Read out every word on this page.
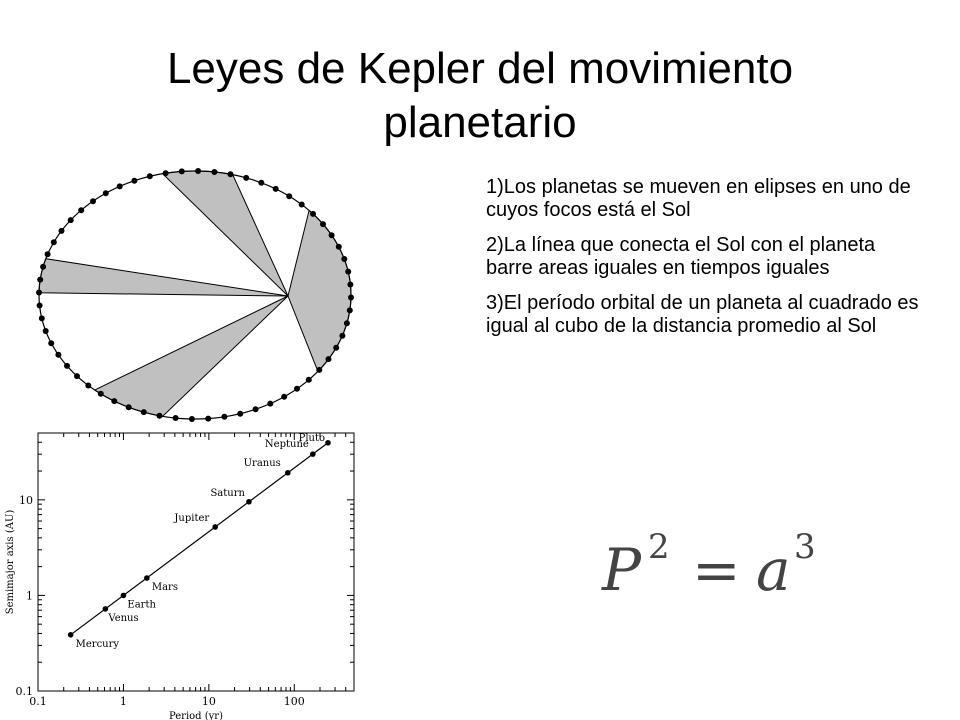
Leyes de Kepler del movimiento
planetario

1)Los planetas se mueven en elipses en uno de cuyos focos está el Sol

2)La línea que conecta el Sol con el planeta barre areas iguales en tiempos iguales

3)El período orbital de un planeta al cuadrado es igual al cubo de la distancia promedio al Sol

0.1	1	10	100
0.1
1
10
Period (yr)
Semimajor axis (AU)
Mercury
Venus
Earth
Mars
Jupiter
Saturn
Uranus
Neptune
Pluto
P 2 = a 3
